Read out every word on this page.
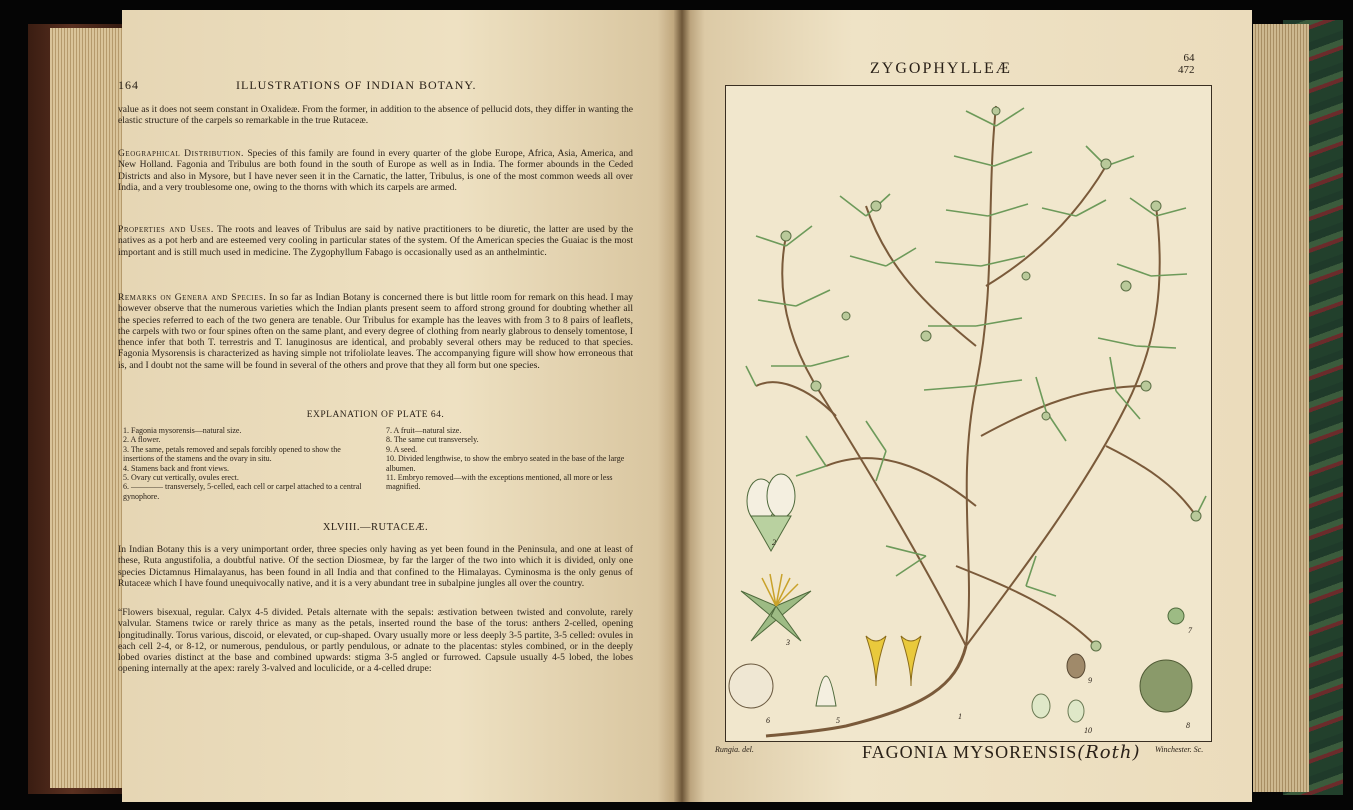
164	ILLUSTRATIONS OF INDIAN BOTANY.

value as it does not seem constant in Oxalideæ. From the former, in addition to the absence of pellucid dots, they differ in wanting the elastic structure of the carpels so remarkable in the true Rutaceæ.

Geographical Distribution. Species of this family are found in every quarter of the globe Europe, Africa, Asia, America, and New Holland. Fagonia and Tribulus are both found in the south of Europe as well as in India. The former abounds in the Ceded Districts and also in Mysore, but I have never seen it in the Carnatic, the latter, Tribulus, is one of the most common weeds all over India, and a very troublesome one, owing to the thorns with which its carpels are armed.

Properties and Uses. The roots and leaves of Tribulus are said by native practitioners to be diuretic, the latter are used by the natives as a pot herb and are esteemed very cooling in particular states of the system. Of the American species the Guaiac is the most important and is still much used in medicine. The Zygophyllum Fabago is occasionally used as an anthelmintic.

Remarks on Genera and Species. In so far as Indian Botany is concerned there is but little room for remark on this head. I may however observe that the numerous varieties which the Indian plants present seem to afford strong ground for doubting whether all the species referred to each of the two genera are tenable. Our Tribulus for example has the leaves with from 3 to 8 pairs of leaflets, the carpels with two or four spines often on the same plant, and every degree of clothing from nearly glabrous to densely tomentose, I thence infer that both T. terrestris and T. lanuginosus are identical, and probably several others may be reduced to that species. Fagonia Mysorensis is characterized as having simple not trifoliolate leaves. The accompanying figure will show how erroneous that is, and I doubt not the same will be found in several of the others and prove that they all form but one species.

EXPLANATION OF PLATE 64.
1. Fagonia mysorensis—natural size.
2. A flower.
3. The same, petals removed and sepals forcibly opened to show the insertions of the stamens and the ovary in situ.
4. Stamens back and front views.
5. Ovary cut vertically, ovules erect.
6. ———— transversely, 5-celled, each cell or carpel attached to a central gynophore.
7. A fruit—natural size.
8. The same cut transversely.
9. A seed.
10. Divided lengthwise, to show the embryo seated in the base of the large albumen.
11. Embryo removed—with the exceptions mentioned, all more or less magnified.
XLVIII.—RUTACEÆ.

In Indian Botany this is a very unimportant order, three species only having as yet been found in the Peninsula, and one at least of these, Ruta angustifolia, a doubtful native. Of the section Diosmeæ, by far the larger of the two into which it is divided, only one species Dictamnus Himalayanus, has been found in all India and that confined to the Himalayas. Cyminosma is the only genus of Rutaceæ which I have found unequivocally native, and it is a very abundant tree in subalpine jungles all over the country.

“Flowers bisexual, regular. Calyx 4-5 divided. Petals alternate with the sepals: æstivation between twisted and convolute, rarely valvular. Stamens twice or rarely thrice as many as the petals, inserted round the base of the torus: anthers 2-celled, opening longitudinally. Torus various, discoid, or elevated, or cup-shaped. Ovary usually more or less deeply 3-5 partite, 3-5 celled: ovules in each cell 2-4, or 8-12, or numerous, pendulous, or partly pendulous, or adnate to the placentas: styles combined, or in the deeply lobed ovaries distinct at the base and combined upwards: stigma 3-5 angled or furrowed. Capsule usually 4-5 lobed, the lobes opening internally at the apex: rarely 3-valved and loculicide, or a 4-celled drupe:

ZYGOPHYLLEÆ
64
472
1
2
3
5
6
7
8
9
10
Rungia. del.	FAGONIA MYSORENSIS(Roth) Winchester. Sc.
